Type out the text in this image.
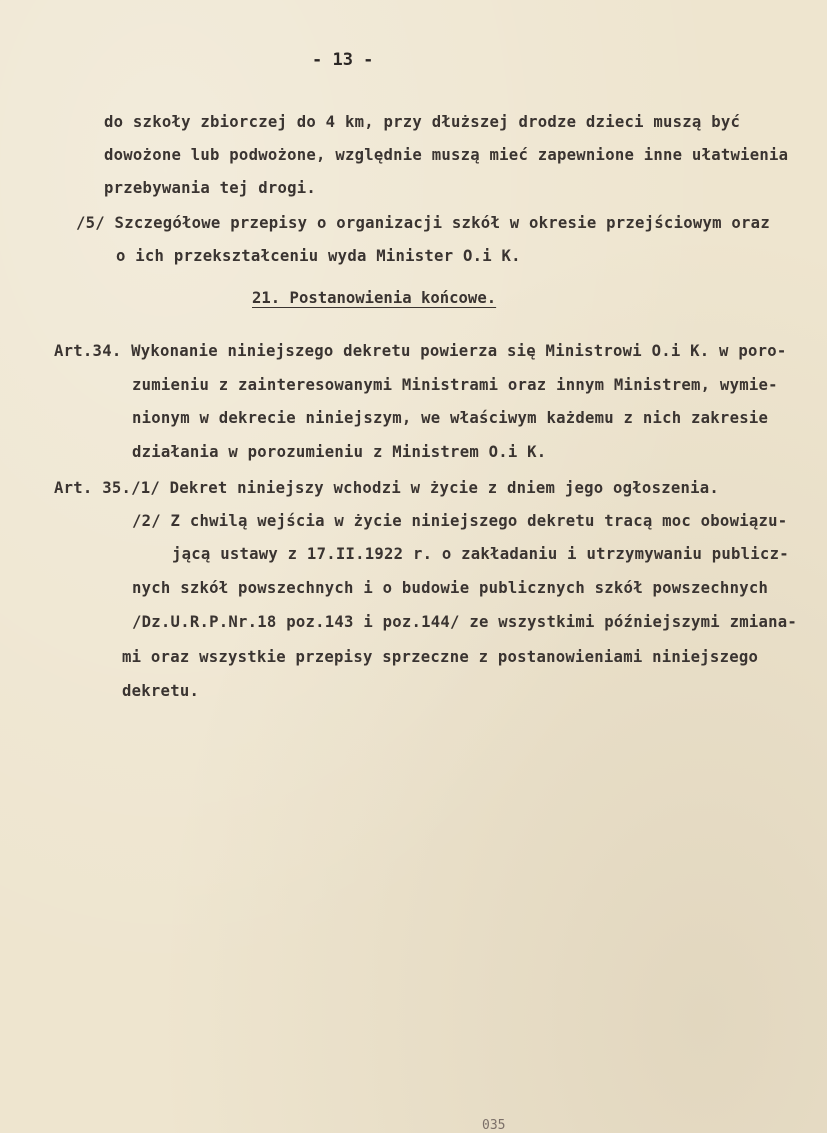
- 13 -
do szkoły zbiorczej do 4 km, przy dłuższej drodze dzieci muszą być
dowożone lub podwożone, względnie muszą mieć zapewnione inne ułatwienia
przebywania tej drogi.
/5/ Szczegółowe przepisy o organizacji szkół w okresie przejściowym oraz
o ich przekształceniu wyda Minister O.i K.
21. Postanowienia końcowe.
Art.34. Wykonanie niniejszego dekretu powierza się Ministrowi O.i K. w poro-
zumieniu z zainteresowanymi Ministrami oraz innym Ministrem, wymie-
nionym w dekrecie niniejszym, we właściwym każdemu z nich zakresie
działania w porozumieniu z Ministrem O.i K.
Art. 35./1/ Dekret niniejszy wchodzi w życie z dniem jego ogłoszenia.
/2/ Z chwilą wejścia w życie niniejszego dekretu tracą moc obowiązu-
jącą ustawy z 17.II.1922 r. o zakładaniu i utrzymywaniu publicz-
nych szkół powszechnych i o budowie publicznych szkół powszechnych
/Dz.U.R.P.Nr.18 poz.143 i poz.144/ ze wszystkimi późniejszymi zmiana-
mi oraz wszystkie przepisy sprzeczne z postanowieniami niniejszego
dekretu.
035
